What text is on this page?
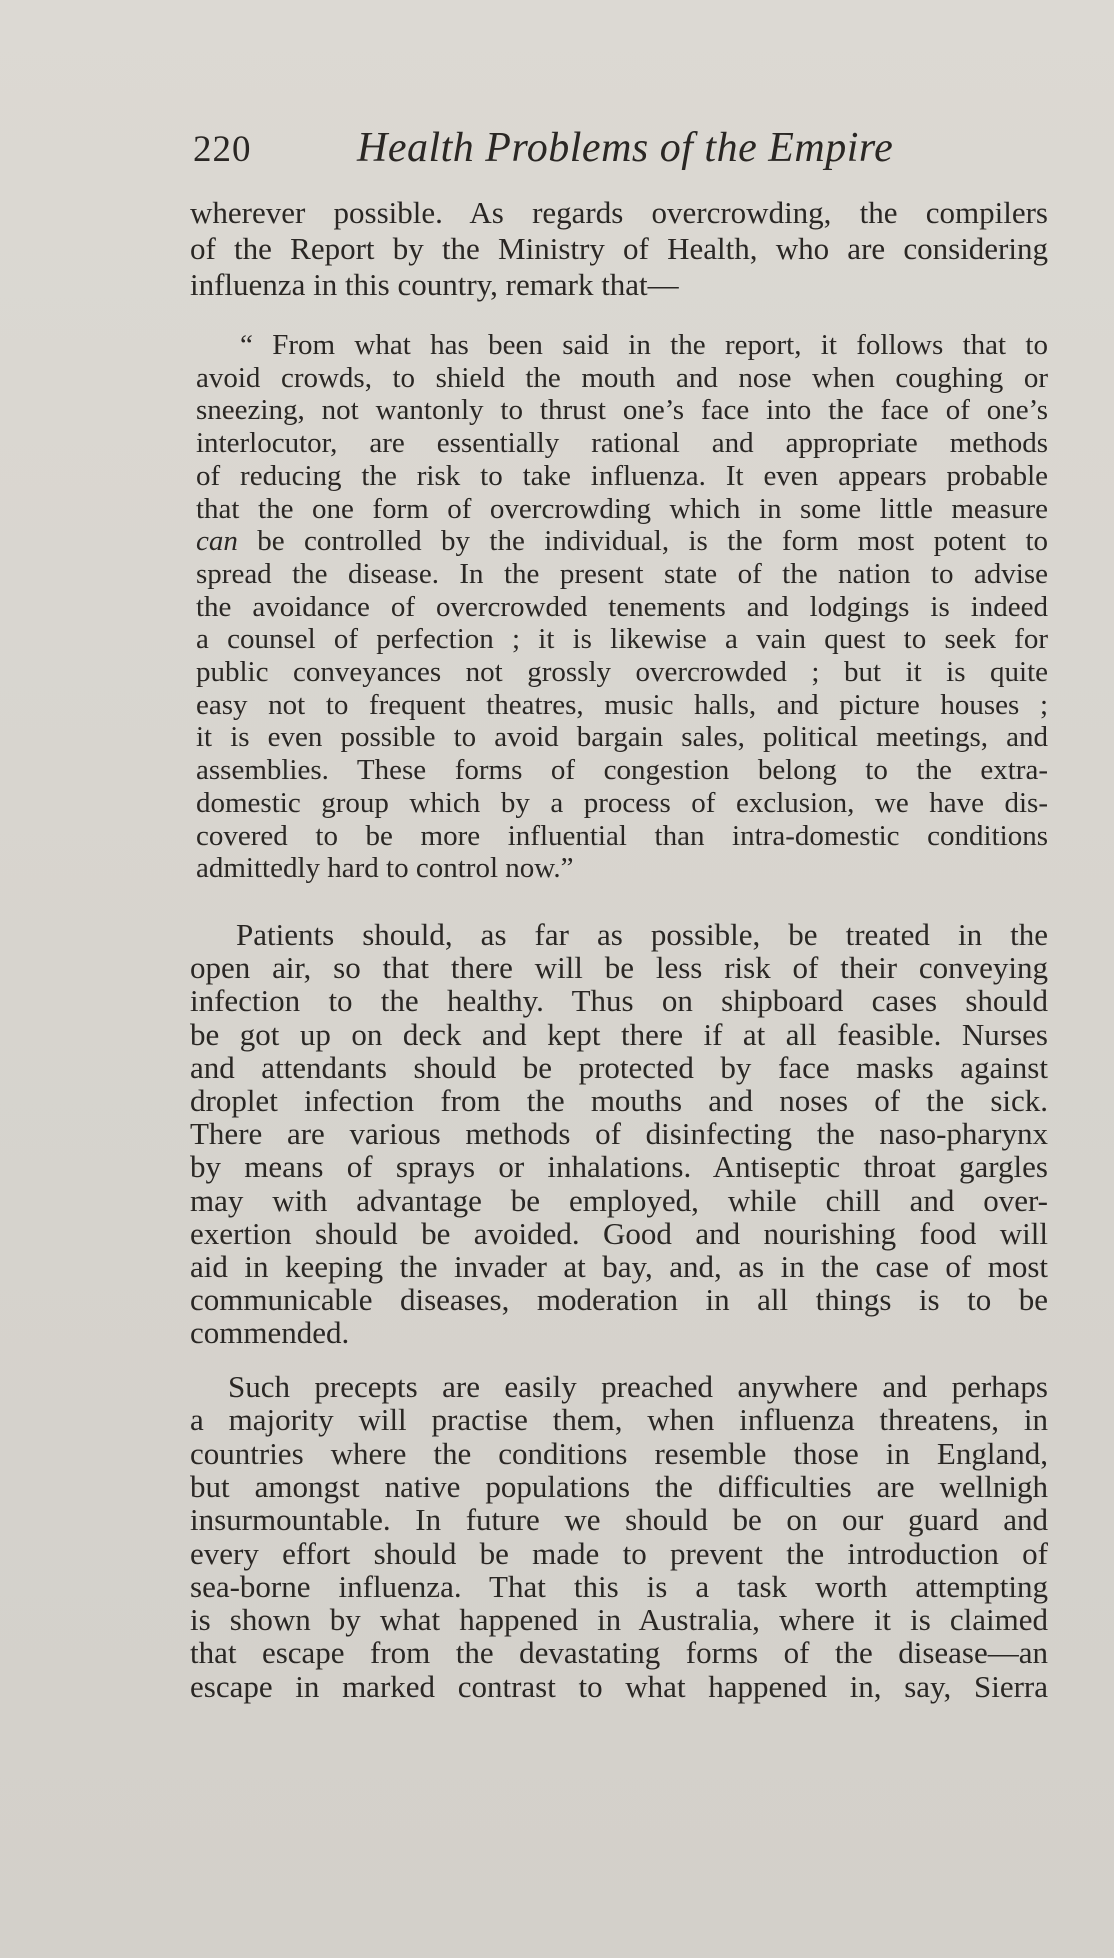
220	Health Problems of the Empire
wherever possible. As regards overcrowding, the compilers
of the Report by the Ministry of Health, who are considering
influenza in this country, remark that—
“ From what has been said in the report, it follows that to
avoid crowds, to shield the mouth and nose when coughing or
sneezing, not wantonly to thrust one’s face into the face of one’s
interlocutor, are essentially rational and appropriate methods
of reducing the risk to take influenza. It even appears probable
that the one form of overcrowding which in some little measure
can be controlled by the individual, is the form most potent to
spread the disease. In the present state of the nation to advise
the avoidance of overcrowded tenements and lodgings is indeed
a counsel of perfection ; it is likewise a vain quest to seek for
public conveyances not grossly overcrowded ; but it is quite
easy not to frequent theatres, music halls, and picture houses ;
it is even possible to avoid bargain sales, political meetings, and
assemblies. These forms of congestion belong to the extra-
domestic group which by a process of exclusion, we have dis-
covered to be more influential than intra-domestic conditions
admittedly hard to control now.”
Patients should, as far as possible, be treated in the
open air, so that there will be less risk of their conveying
infection to the healthy. Thus on shipboard cases should
be got up on deck and kept there if at all feasible. Nurses
and attendants should be protected by face masks against
droplet infection from the mouths and noses of the sick.
There are various methods of disinfecting the naso-pharynx
by means of sprays or inhalations. Antiseptic throat gargles
may with advantage be employed, while chill and over-
exertion should be avoided. Good and nourishing food will
aid in keeping the invader at bay, and, as in the case of most
communicable diseases, moderation in all things is to be
commended.
Such precepts are easily preached anywhere and perhaps
a majority will practise them, when influenza threatens, in
countries where the conditions resemble those in England,
but amongst native populations the difficulties are wellnigh
insurmountable. In future we should be on our guard and
every effort should be made to prevent the introduction of
sea-borne influenza. That this is a task worth attempting
is shown by what happened in Australia, where it is claimed
that escape from the devastating forms of the disease—an
escape in marked contrast to what happened in, say, Sierra
